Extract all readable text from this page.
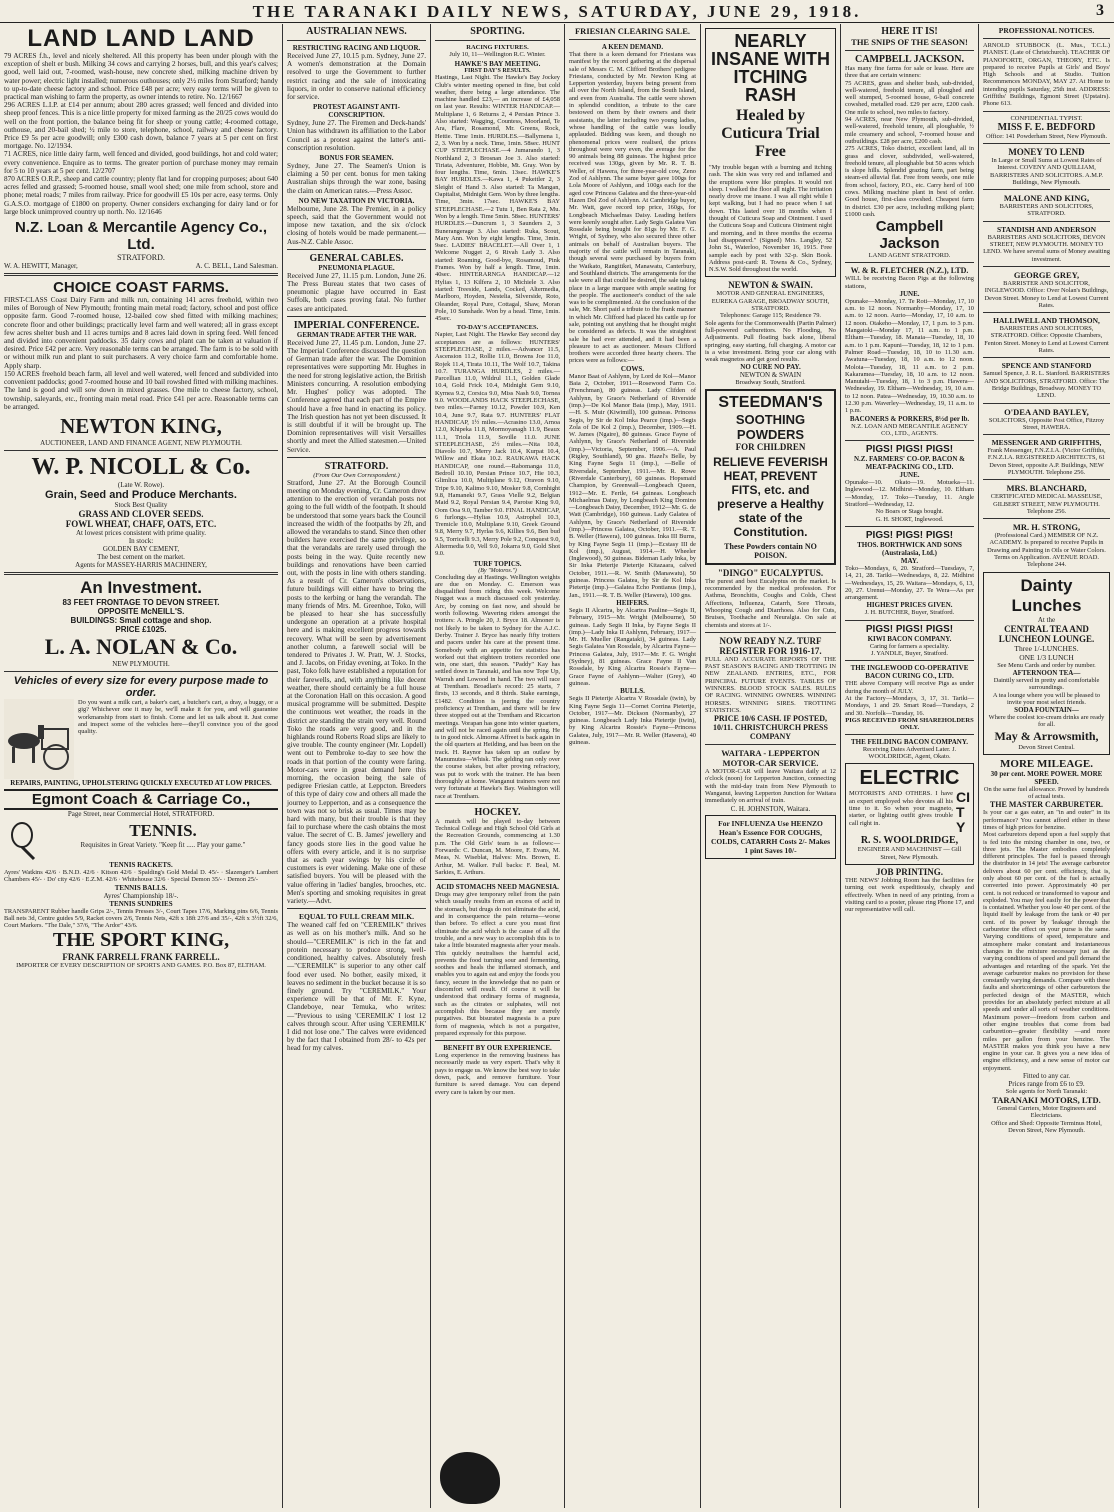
THE TARANAKI DAILY NEWS, SATURDAY, JUNE 29, 1918.	3
LAND LAND LAND
79 ACRES f.h., level and nicely sheltered. All this property has been under plough with the exception of shelt er bush. Milking 34 cows and carrying 2 horses, bull, and this year's calves; good, well laid out, 7-roomed, wash-house, new concrete shed, milking machine driven by water power; electric light installed; numerous outhouses; only 2½ miles from Stratford; handy to up-to-date cheese factory and school. Price £48 per acre; very easy terms will be given to practical man wishing to farm the property, as owner intends to retire. No. 12/1667
296 ACRES L.I.P. at £14 per annum; about 280 acres grassed; well fenced and divided into sheep proof fences. This is a nice little property for mixed farming as the 20/25 cows would do well on the front portion, the balance being fit for sheep or young cattle; 4-roomed cottage, outhouse, and 20-bail shed; ½ mile to store, telephone, school, railway and cheese factory. Price £9 5s per acre goodwill; only £300 cash down, balance 7 years at 5 per cent on first mortgage. No. 12/1934.
71 ACRES, nice little dairy farm, well fenced and divided, good buildings, hot and cold water; every convenience. Enquire as to terms. The greater portion of purchase money may remain for 5 to 10 years at 5 per cent. 12/2707
870 ACRES O.R.P., sheep and cattle country; plenty flat land for cropping purposes; about 640 acres felled and grassed; 5-roomed house, small wool shed; one mile from school, store and phone; metal roads; 7 miles from railway. Price for goodwill £5 10s per acre, easy terms. Only G.A.S.O. mortgage of £1800 on property. Owner considers exchanging for dairy land or for large block unimproved country up north. No. 12/1646
N.Z. Loan & Mercantile Agency Co., Ltd.
STRATFORD.
W. A. HEWITT, Manager,	A. C. BELL, Land Salesman.
CHOICE COAST FARMS.
FIRST-CLASS Coast Dairy Farm and milk run, containing 141 acres freehold, within two miles of Borough of New Plymouth; fronting main metal road; factory, school and post office opposite farm. Good 7-roomed house, 12-bailed cow shed fitted with milking machines; concrete floor and other buildings; practically level farm and well watered; all in grass except few acres shelter bush and 11 acres turnips and 8 acres laid down in spring feed. Well fenced and divided into convenient paddocks. 35 dairy cows and plant can be taken at valuation if desired. Price £42 per acre. Very reasonable terms can be arranged. The farm is to be sold with or without milk run and plant to suit purchasers. A very choice farm and comfortable home. Apply sharp.
150 ACRES freehold beach farm, all level and well watered, well fenced and subdivided into convenient paddocks; good 7-roomed house and 10 bail rowshed fitted with milking machines. The land is good and will sow down in mixed grasses. One mile to cheese factory, school, township, saleyards, etc., fronting main metal road. Price £41 per acre. Reasonable terms can be arranged.
NEWTON KING,
AUCTIONEER, LAND AND FINANCE AGENT, NEW PLYMOUTH.
W. P. NICOLL & Co.
(Late W. Rowe).
Grain, Seed and Produce Merchants.
Stock Best Quality
GRASS AND CLOVER SEEDS.
FOWL WHEAT, CHAFF, OATS, ETC.
At lowest prices consistent with prime quality.
In stock:
GOLDEN BAY CEMENT,
The best cement on the market.
Agents for MASSEY-HARRIS MACHINERY,
An Investment.
83 FEET FRONTAGE TO DEVON STREET.
OPPOSITE McNEILL'S.
BUILDINGS: Small cottage and shop.
PRICE £1025.
L. A. NOLAN & Co.
NEW PLYMOUTH.
Vehicles of every size for every purpose made to order.
Do you want a milk cart, a baker's cart, a butcher's cart, a dray, a buggy, or a gig? Whichever one it may be, we'll make it for you, and will guarantee workmanship from start to finish. Come and let us talk about it. Just come and inspect some of the vehicles here—they'll convince you of the good quality.
REPAIRS, PAINTING, UPHOLSTERING QUICKLY EXECUTED AT LOW PRICES.
Egmont Coach & Carriage Co.,
Page Street, near Commercial Hotel, STRATFORD.
TENNIS.
Requisites in Great Variety. "Keep fit ..... Play your game."
TENNIS RACKETS.
Ayres' Watkins 42/6 · B.N.D. 42/6 · Kitson 42/6 · Spalding's Gold Medal D. 45/- · Slazenger's Lambert Chambers 45/- · Do' city 42/6 · E.Z.M. 42/6 · Whitehouse 32/6 · Special Demon 35/- · Demon 25/-
TENNIS BALLS.
Ayres' Championship 18/-.
TENNIS SUNDRIES
TRANSPARENT Rubber handle Grips 2/-, Tennis Presses 3/-, Court Tapes 17/6, Marking pins 6/6, Tennis Ball nets 3d, Centre guides 5/9, Racket covers 2/6, Tennis Nets, 42ft x 18ft 27/6 and 35/-, 42ft x 3½ft 32/6, Court Markers. "The Dale," 37/6, "The Ardor" 43/6.
THE SPORT KING,
FRANK FARRELL FRANK FARRELL.
IMPORTER OF EVERY DESCRIPTION OF SPORTS AND GAMES. P.O. Box 87, ELTHAM.
AUSTRALIAN NEWS.
RESTRICTING RACING AND LIQUOR.
Received June 27, 10.15 p.m. Sydney, June 27. A women's demonstration at the Domain resolved to urge the Government to further restrict racing and the sale of intoxicating liquors, in order to conserve national efficiency for service.
PROTEST AGAINST ANTI-CONSCRIPTION.
Sydney, June 27. The Firemen and Deck-hands' Union has withdrawn its affiliation to the Labor Council as a protest against the latter's anti-conscription resolution.
BONUS FOR SEAMEN.
Sydney, June 27. The Seamen's Union is claiming a 50 per cent. bonus for men taking Australian ships through the war zone, basing the claim on American rates.—Press Assoc.
NO NEW TAXATION IN VICTORIA.
Melbourne, June 28. The Premier, in a policy speech, said that the Government would not impose new taxation, and the six o'clock closing of hotels would be made permanent.—Aus-N.Z. Cable Assoc.
GENERAL CABLES.
PNEUMONIA PLAGUE.
Received June 27, 11.15 p.m. London, June 26. The Press Bureau states that two cases of pneumonic plague have occurred in East Suffolk, both cases proving fatal. No further cases are anticipated.
IMPERIAL CONFERENCE.
GERMAN TRADE AFTER THE WAR.
Received June 27, 11.45 p.m. London, June 27. The Imperial Conference discussed the question of German trade after the war. The Dominion representatives were supporting Mr. Hughes in the need for strong legislative action, the British Ministers concurring. A resolution embodying Mr. Hughes' policy was adopted. The Conference agreed that each part of the Empire should have a free hand in enacting its policy. The Irish question has not yet been discussed. It is still doubtful if it will be brought up. The Dominion representatives will visit Versailles shortly and meet the Allied statesmen.—United Service.
STRATFORD.
(From Our Own Correspondent.)
Stratford, June 27. At the Borough Council meeting on Monday evening, Cr. Cameron drew attention to the erection of verandah posts not going to the full width of the footpath. It should be understood that some years back the Council increased the width of the footpaths by 2ft, and allowed the verandahs to stand. Since then other builders have exercised the same privilege, so that the verandahs are rarely used through the posts being in the way. Quite recently new buildings and renovations have been carried out, with the posts in line with others standing. As a result of Cr. Cameron's observations, future buildings will either have to bring the posts to the kerbing or hang the verandah. The many friends of Mrs. M. Greenhoe, Toko, will be pleased to hear she has successfully undergone an operation at a private hospital here and is making excellent progress towards recovery. What will be seen by advertisement another column, a farewell social will be tendered to Privates J. W. Pratt, W. J. Stocks, and J. Jacobs, on Friday evening, at Toko. In the past, Toko folk have established a reputation for their farewells, and, with anything like decent weather, there should certainly be a full house at the Coronation Hall on this occasion. A good musical programme will be submitted. Despite the continuous wet weather, the roads in the district are standing the strain very well. Round Toko the roads are very good, and in the highlands round Roberts Road slips are likely to give trouble. The county engineer (Mr. Lopdell) went out to Pembroke to-day to see how the roads in that portion of the county were faring. Motor-cars were in great demand here this morning, the occasion being the sale of pedigree Friesian cattle, at Leppcton. Breeders of this type of dairy cow and others all made the journey to Lepperton, and as a consequence the town was not so brisk as usual. Times may be hard with many, but their trouble is that they fail to purchase where the cash obtains the most value. The secret of C. B. James' jewellery and fancy goods store lies in the good value he offers with every article, and it is no surprise that as each year swings by his circle of customers is ever widening. Make one of these satisfied buyers. You will be pleased with the value offering in 'ladies' bangles, brooches, etc. Men's sporting and smoking requisites in great variety.—Advt.
EQUAL TO FULL CREAM MILK.
The weaned calf fed on "CEREMILK" thrives as well as on his mother's milk. And so he should—"CEREMILK" is rich in the fat and protein necessary to produce strong, well-conditioned, healthy calves. Absolutely fresh—"CEREMILK" is superior to any other calf food ever used. No bother, easily mixed, it leaves no sediment in the bucket because it is so finely ground. Try "CEREMILK." Your experience will be that of Mr. F. Kyne, Clandeboye, near Temuka, who writes:—"Previous to using 'CEREMILK' I lost 12 calves through scour. After using 'CEREMILK' I did not lose one." The calves were evidenced by the fact that I obtained from 28/- to 42s per head for my calves.
SPORTING.
RACING FIXTURES.
July 10, 11—Wellington R.C. Winter.
HAWKE'S BAY MEETING.
FIRST DAY'S RESULTS.
Hastings, Last Night. The Hawke's Bay Jockey Club's winter meeting opened in fine, but cold weather, there being a large attendance. The machine handled £23,— an increase of £4,058 on last year. Results: WINTER HANDICAP.—Multiplane 1, 6 Returns 2, 4 Persian Prince 3. Also started: Wagging, Countess, Moorland, Te Ara, Flare, Rosamond, Mr. Greens, Rock, Hettie. Time 1min. HURDLES.—Ballymena 1, 2, 3. Won by a neck. Time, 1min. 58sec. HUNT CUP STEEPLECHASE.—4 Jumarando 1, 3 Northland 2, 3 Brosnan Joe 3. Also started: Tiriata, Adventurer, Hobbie, Mt. Gray. Won by four lengths. Time, 6min. 13sec. HAWKE'S BAY HURDLES.—Kawa 1, 4 Pukeitler 2, 3 Sleight of Hand 3. Also started: Ta Mangan, Oapitalist, Midnight Gem. Won by three lengths. Time, 3min. 17sec. HAWKE'S BAY STEEPLECHASE.—2 Tutu 1, Ben Rata 2, Mu. Won by a length. Time 5min. 58sec. HUNTERS' HURDLES.—Duncrum 1, 3 Saunders 2, 3 Bunerangerage 3. Also started: Ruka, Scout, Mary Ann. Won by eight lengths. Time, 3min. 9sec. LADIES' BRACELET.—All Over 1, 1 Welcome Nugget 2, 6 Rivah Lady 3. Also started: Roaming, Good-bye, Rosamoud, Pink Frames. Won by half a length. Time, 1min. 40sec. HINTERARNGA HANDICAP.—12 Hylias 1, 13 Kilfera 2, 10 Michiele 3. Also started: Treeside, Lands, Cocked, Altermedia, Marlboro, Hoyden, Nestelia, Silverside, Roto, Oleander, Royal Pure, Cottagal, Shaw, Moran Pole, 10 Sunshade. Won by a head. Time, 1min. 45sec.
TO-DAY'S ACCEPTANCES.
Napier, Last Night. The Hawke Bay second day acceptances are as follows: HUNTERS' STEEPLECHASE, 2 miles.—Advancer 11.5, Ascension 11.2, Rollie 11.0, Browns Joe 11.0, Rojek 11.4, Tirata 10.11, The Wolf 10.7, Takina 10.7. TURANGA HURDLES, 2 miles.—Parcellian 11.0, Wildrul 11.1, Golden Glade 10.4, Gold Frick 10.4, Midnight Gem 9.10, Kyrnea 9.2, Corsica 9.0, Miss Nash 9.0, Tornea 9.0. WOODLANDS HACK STEEPLECHASE, two miles.—Farney 10.12, Powder 10.9, Ken 10.4, June 9.7, Rata 9.7. HUNTERS' FLAT HANDICAP, 1½ miles.—Acrasino 13.0, Arnoa 12.0, Khipeka 11.8, Mormoyanagh 11.9, Beaux 11.1, Triola 11.9, Soville 11.0. JUNE STEEPLECHASE, 2½ miles.—Nita 10.8, Diavolo 10.7, Merry Jack 10.4, Kurpat 10.4, Willow and Ekata 10.2. RAUKAWA HACK HANDICAP, one round.—Rabomanga 11.0, Bedroll 10.10, Persian Prince 10.7, Hie 10.3, Glimlica 10.0, Multiplane 9.12, Oravon 9.10, Tripe 9.10, Kalimo 9.10, Mosker 9.8, Cornhight 9.8, Hamaneki 9.7, Grass Vielle 9.2, Belgian Maid 9.2, Royal Persian 9.4, Paroise King 9.0, Oom Ooa 9.0, Tamber 9.0. FINAL HANDICAP, 6 furlongs.—Hylias 10.9, Astrophel 10.3, Tremicle 10.0, Multiplane 9.10, Greek Ground 9.8, Merry 9.7, Hyrlas 9.6, Killies 9.6, Ben bud 9.5, Torricelli 9.3, Merry Pole 9.2, Conquest 9.0, Altermedia 9.0, Vell 9.0, Jokarra 9.0, Gold Shot 9.0.
TURF TOPICS.
(By "Motoros.")
Concluding day at Hastings. Wellington weights are due on Monday. C. Emerson was disqualified from riding this week. Welcome Nugget was a much discussed colt yesterday. Arc, by coming on fast now, and should be worth following. Wavering riders amongst the trotters: A. Pringle 20, J. Bryce 18. Almoner is not likely to be taken to Sydney for the A.J.C. Derby. Trainer J. Bryce has nearly fifty trotters and pacers under his care at the present time. Somebody with an appetite for statistics has worked out that eighteen trotters recorded one win, one start, this season. "Paddy" Kay has settled down in Taranaki, and has now Tope Up, Warrah and Lowood in hand. The two will race at Trentham. Broadlan's record: 25 starts, 7 firsts, 13 seconds, and 8 thirds. Stake earnings, £1482. Condition is jeering the country proficiency at Trentham, and there will be few three stopped out at the Trentham and Riccarton meetings. Vorapan has gone into winter quarters, and will not be raced again until the spring. He is in good nick. Almorna Affreet is back again in the old quarters at Heilding, and has been on the track. H. Raynor has taken up an outlaw by Manumutsu—Whisk. The gelding ran only over the course stakes, but after proving refractory, was put to work with the trainer. He has been thoroughly at home. Wanganui trainers were not very fortunate at Hawke's Bay. Washington will race at Trentham.
HOCKEY.
A match will be played to-day between Technical College and High School Old Girls at the Recreation Grounds, commencing at 1.30 p.m. The Old Girls' team is as follows:—Forwards: C. Duncan, M. Moore, F. Evans, M. Meas, N. Wiseblat, Halves: Mrs. Brown, E. Arthur, M. Walker. Full backs: F. Beal, M. Sarkies, E. Arthurs.
ACID STOMACHS NEED MAGNESIA.
Drugs may give temporary relief from the pain which usually results from an excess of acid in the stomach, but drugs do not eliminate the acid, and in consequence the pain returns—worse than before. To effect a cure you must first eliminate the acid which is the cause of all the trouble, and a new way to accomplish this is to take a little bisurated magnesia after your meals. This quickly neutralises the harmful acid, prevents the food turning sour and fermenting, soothes and heals the inflamed stomach, and enables you to again eat and enjoy the foods you fancy, secure in the knowledge that no pain or discomfort will result. Of course it will be understood that ordinary forms of magnesia, such as the citrates or sulphates, will not accomplish this because they are merely purgatives. But bisurated magnesia is a pure form of magnesia, which is not a purgative, prepared expressly for this purpose.
BENEFIT BY OUR EXPERIENCE.
Long experience in the removing business has necessarily made us very expert. That's why it pays to engage us. We know the best way to take down, pack, and remove furniture. Your furniture is saved damage. You can depend every care is taken by our men.
FRIESIAN CLEARING SALE.
A KEEN DEMAND.
That there is a keen demand for Friesians was manifest by the record gathering at the dispersal sale of Messrs C. M. Clifford Brothers' pedigree Friesians, conducted by Mr. Newton King at Lepperton yesterday, buyers being present from all over the North Island, from the South Island, and even from Australia. The cattle were shown in splendid condition, a tribute to the care bestowed on them by their owners and their assistants, the latter including two young ladies, whose handling of the cattle was loudly applauded. Bidding was keen, and though no phenomenal prices were realised, the prices throughout were very even, the average for the 90 animals being 88 guineas. The highest price received was 130gs, given by Mr. R. T. B. Weller, of Hawera, for three-year-old cow, Zeno Zod of Ashlynn. The same buyer gave 100gs for Lola Moore of Ashlynn, and 100gs each for the aged cow Princess Galatea and the three-year-old Hazen Dol Zod of Ashlynn. At Cambridge buyer, Mr. Watt, gave record top price, 160gs, for Longbeach Michaelmas Daisy. Leading heifers were keenly sought after. Lady Segis Galatea Van Rossdale being bought for 81gs by Mr. F. G. Wright, of Sydney, who also secured three other animals on behalf of Australian buyers. The majority of the cattle will remain in Taranaki, though several were purchased by buyers from the Waikato, Rangitikei, Manawatu, Canterbury, and Southland districts. The arrangements for the sale were all that could be desired, the sale taking place in a large marquee with ample seating for the people. The auctioneer's conduct of the sale was to be complimented. At the conclusion of the sale, Mr. Short paid a tribute to the frank manner in which Mr. Clifford had placed his cattle up for sale, pointing out anything that he thought might be considered as defects. It was the straightest sale he had ever attended, and it had been a pleasure to act as auctioneer. Messrs Clifford brothers were accorded three hearty cheers. The prices were as follows:—
COWS.
Manor Baat of Ashlynn, by Lord de Kol—Manor Baia 2, October, 1911—Rosewood Farm Co. (Frenchman), 80 guineas. Lady Clifden of Ashlynn, by Grace's Netherland of Riverside (imp.)—De Kol Manor Baia (imp.), May, 1911.—H. S. Muir (Kiwimill), 100 guineas. Princess Segis, by Sir de Kol Inka Pearce (imp.)—Segis Zola of De Kol 2 (imp.), December, 1909.—H. W. James (Ngaire), 80 guineas. Grace Fayne of Ashlynn, by Grace's Netherland of Riverside (imp.)—Victoria, September, 1906.—A. Paul (Rigley, Southland), 90 gns. Hazel's Belle, by King Fayne Segis 11 (imp.), —Belle of Riversdale, September, 1911.—Mr. R. Rowe (Riverdale Canterbury), 60 guineas. Hopsmaid Champion, by Greenwall—Longbeach Queen, 1912—Mr. E. Fertle, 64 guineas. Longbeach Michaelmas Daisy, by Longbeach King Domino—Longbeach Daisy, December, 1912—Mr. G. de Watt (Cambridge), 160 guineas. Lady Galatea of Ashlynn, by Grace's Netherland of Riverside (imp.)—Princess Galatea, October, 1911.—R. T. B. Weller (Hawera), 100 guineas. Inka III Burns, by King Fayne Segis 11 (imp.)—Ecstasy III de Kol (imp.), August, 1914.—H. Wheeler (Inglewood), 50 guineas. Bideman Lady Inka, by Sir Inka Pietertje Pietertje Kitazaara, calved October, 1911.—R. W. Smith (Manawatu), 50 guineas. Princess Galatea, by Sir de Kol Inka Pietertje (imp.)—Galatea Echo Pontianus (imp.), Jan., 1911.—R. T. B. Weller (Hawera), 100 gns.
HEIFERS.
Segis II Alcartra, by Alcartra Pauline—Segis II, February, 1915—Mr. Wright (Melbourne), 50 guineas. Lady Segis II Inka, by Fayne Segis II (imp.)—Lady Inka II Ashlynn, February, 1917—Mr. H. Mueller (Rangataki), 34 guineas. Lady Segis Galatea Van Rossdale, by Alcartra Fayne—Princess Galatea, July, 1917—Mr. F. G. Wright (Sydney), 81 guineas. Grace Fayne II Van Rossdale, by King Alcartra Rossie's Fayne—Grace Fayne of Ashlynn—Walter (Grey), 40 guineas.
BULLS.
Segis II Pietertje Alcartra V Rossdale (twin), by King Fayne Segis 11—Cornet Corrina Pietertje, October, 1917—Mr. Dickson (Normanby), 27 guineas. Longbeach Lady Inka Pietertje (twin), by King Alcartra Rossie's Fayne—Princess Galatea, July, 1917—Mr. R. Weller (Hawera), 40 guineas.
NEARLY INSANE WITH ITCHING RASH
Healed by Cuticura Trial Free
"My trouble began with a burning and itching rash. The skin was very red and inflamed and the eruptions were like pimples. It would not sleep. I walked the floor all night. The irritation nearly drove me insane. I was all right while I kept walking, but I had no peace when I sat down. This lasted over 18 months when I thought of Cuticura Soap and Ointment. I used the Cuticura Soap and Cuticura Ointment night and morning, and in three months the eczema had disappeared." (Signed) Mrs. Langley, 52 John St., Waterloo, November 16, 1915. Free sample each by post with 32-p. Skin Book. Address post-card: R. Towns & Co., Sydney, N.S.W. Sold throughout the world.
NEWTON & SWAIN.
MOTOR AND GENERAL ENGINEERS, EUREKA GARAGE, BROADWAY SOUTH, STRATFORD.
Telephones: Garage 115; Residence 79.
Sole agents for the Commonwealth (Partin Palmer) full-powered carburettors. No Flooding, No Adjustments. Pull floating back alone, liberal springing, easy starting, full charging. A motor car is a wise investment. Bring your car along with weak magnetos and get good results.
NO CURE NO PAY.
NEWTON & SWAIN
Broadway South, Stratford.
STEEDMAN'S
SOOTHING POWDERS
FOR CHILDREN
RELIEVE FEVERISH HEAT, PREVENT FITS, etc. and preserve a Healthy state of the Constitution.
These Powders contain NO POISON.
"DINGO" EUCALYPTUS.
The purest and best Eucalyptus on the market. Is recommended by the medical profession. For Asthma, Bronchitis, Coughs and Colds, Chest Affections, Influenza, Catarrh, Sore Throats, Whooping Cough and Diarrhoea. Also for Cuts, Bruises, Toothache and Neuralgia. On sale at chemists and stores at 1/-.
NOW READY N.Z. TURF REGISTER FOR 1916-17.
FULL AND ACCURATE REPORTS OF THE PAST SEASON'S RACING AND TROTTING IN NEW ZEALAND. ENTRIES, ETC., FOR PRINCIPAL FUTURE EVENTS. TABLES OF WINNERS. BLOOD STOCK SALES. RULES OF RACING. WINNING OWNERS. WINNING HORSES. WINNING SIRES. TROTTING STATISTICS.
PRICE 10/6 CASH. IF POSTED, 10/11. CHRISTCHURCH PRESS COMPANY
WAITARA - LEPPERTON MOTOR-CAR SERVICE.
A MOTOR-CAR will leave Waitara daily at 12 o'clock (noon) for Lepperton Junction, connecting with the mid-day train from New Plymouth to Wanganui, leaving Lepperton Junction for Waitara immediately on arrival of train.
C. H. JOHNSTON, Waitara.
For INFLUENZA Use HEENZO Hean's Essence FOR COUGHS, COLDS, CATARRH Costs 2/- Makes 1 pint Saves 10/-
HERE IT IS!
THE SNIPS OF THE SEASON!
CAMPBELL JACKSON.
Has many fine farms for sale or lease. Here are three that are certain winners:
75 ACRES, grass and shelter bush, sub-divided, well-watered, freehold tenure, all ploughed and well stumped, 5-roomed house, 6-bail concrete cowshed, metalled road. £29 per acre, £200 cash. One mile to school, two miles to factory.
94 ACRES, near New Plymouth, sub-divided, well-watered, freehold tenure, all ploughable, ½ mile creamery and school, 7-roomed house and outbuildings. £28 per acre, £200 cash.
275 ACRES, Toko district, excellent land, all in grass and clover, subdivided, well-watered, freehold tenure, all ploughable but 50 acres which is slope hills. Splendid grazing farm, part being steam-ed alluvial flat. Free from weeds, one mile from school, factory, P.O., etc. Carry herd of 100 cows. Milking machine plant in best of order. Good house, first-class cowshed. Cheapest farm in district. £30 per acre, including milking plant; £1000 cash.
Campbell Jackson
LAND AGENT STRATFORD.
W. & R. FLETCHER (N.Z.), LTD.
WILL be receiving Bacon Pigs at the following stations,
JUNE.
Opunake—Monday, 17. Te Roti—Monday, 17, 10 a.m. to 12 noon. Normanby—Monday, 17, 10 a.m. to 12 noon. Aurio—Monday, 17, 10 a.m. to 12 noon. Otakeho—Monday, 17, 1 p.m. to 3 p.m. Mangatoki—Monday 17, 11 a.m. to 1 p.m. Eltham—Tuesday, 18. Manaia—Tuesday, 18, 10 a.m. to 1 p.m. Kapuni—Tuesday, 18, 12 to 1 p.m. Palmer Road—Tuesday, 18, 10 to 11.30 a.m. Awatuna—Tuesday, 18, 10 a.m. to 12 noon. Moloia—Tuesday, 18, 11 a.m. to 2 p.m. Kakaramea—Tuesday, 18, 10 a.m. to 12 noon. Manutahi—Tuesday, 18, 1 to 3 p.m. Hawera—Wednesday, 19. Eltham—Wednesday, 19, 10 a.m. to 12 noon. Patea—Wednesday, 19, 10.30 a.m. to 12.30 p.m. Waverley—Wednesday, 19, 11 a.m. to 1 p.m.
BACONERS & PORKERS, 8½d per lb.
N.Z. LOAN AND MERCANTILE AGENCY CO., LTD., AGENTS.
PIGS! PIGS! PIGS!
N.Z. FARMERS' CO-OP. BACON & MEAT-PACKING CO., LTD.
JUNE.
Opunake—10. Okato—19. Motueka—11. Inglewood—12. Midhirst—Monday, 10. Eltham—Monday, 17. Toko—Tuesday, 11. Angle Stratford—Wednesday, 12.
No Boars or Stags bought.
G. H. SHORT, Inglewood.
PIGS! PIGS! PIGS!
THOS. BORTHWICK AND SONS (Australasia, Ltd.)
MAY.
Toko—Mondays, 6, 20. Stratford—Tuesdays, 7, 14, 21, 28. Tariki—Wednesdays, 8, 22. Midhirst—Wednesdays, 15, 29. Waitara—Mondays, 6, 13, 20, 27. Urenui—Monday, 27. Te Wera—As per arrangement.
HIGHEST PRICES GIVEN.
J. H. BUTCHER, Buyer, Stratford.
PIGS! PIGS! PIGS!
KIWI BACON COMPANY.
Caring for farmers a speciality.
J. YANDLE, Buyer, Stratford.
THE INGLEWOOD CO-OPERATIVE BACON CURING CO., LTD.
THE above Company will receive Pigs as under during the month of JULY.
At the Factory—Mondays, 3, 17, 31. Tariki—Mondays, 1 and 29. Smart Road—Tuesdays, 2 and 30. Norfolk—Tuesday, 16.
PIGS RECEIVED FROM SHAREHOLDERS ONLY.
THE FEILDING BACON COMPANY.
Receiving Dates Advertised Later. J. WOOLDRIDGE, Agent, Okato.
ELECTRIC
MOTORISTS AND OTHERS. I have an expert employed who devotes all his time to it. So when your magneto, starter, or lighting outfit gives trouble call right in.
CITY
R. S. WOOLDRIDGE,
ENGINEER AND MACHINIST — Gill Street, New Plymouth.
JOB PRINTING.
THE NEWS' Jobbing Room has the facilities for turning out work expeditiously, cheaply and effectively. When in need of any printing, from a visiting card to a poster, please ring Phone 17, and our representative will call.
PROFESSIONAL NOTICES.
ARNOLD STUBBOCK (L. Mus., T.C.L.) PIANIST. (Late of Christchurch). TEACHER OF PIANOFORTE, ORGAN, THEORY, ETC. Is prepared to receive Pupils at Girls' and Boys' High Schools and at Studio. Tuition Recommences MONDAY, MAY 27. At Home to intending pupils Saturday, 25th inst. ADDRESS: Griffiths' Buildings, Egmont Street (Upstairs). Phone 613.
CONFIDENTIAL TYPIST.
MISS F. E. BEDFORD
Office: 141 Powderham Street, New Plymouth.
MONEY TO LEND
In Large or Small Sums at Lowest Rates of Interest. COVENY AND QUILLIAM, BARRISTERS AND SOLICITORS. A.M.P. Buildings, New Plymouth.
MALONE AND KING,
BARRISTERS AND SOLICITORS, STRATFORD.
STANDISH AND ANDERSON
BARRISTERS AND SOLICITORS, DEVON STREET, NEW PLYMOUTH. MONEY TO LEND. We have several sums of Money awaiting investment.
GEORGE GREY,
BARRISTER AND SOLICITOR, INGLEWOOD. Office: Over Nolan's Buildings, Devon Street. Money to Lend at Lowest Current Rates.
HALLIWELL AND THOMSON,
BARRISTERS AND SOLICITORS, STRATFORD. Office: Opposite Chambers, Fenton Street. Money to Lend at Lowest Current Rates.
SPENCE AND STANFORD
Samuel Spence, J. R. L. Stanford. BARRISTERS AND SOLICITORS, STRATFORD. Office: The Bridge Buildings, Broadway. MONEY TO LEND.
O'DEA AND BAYLEY,
SOLICITORS, Opposite Post Office, Fitzroy Street, HAWERA.
MESSENGER AND GRIFFITHS,
Frank Messenger, F.N.Z.I.A. (Victor Griffiths, F.N.Z.I.A. REGISTERED ARCHITECTS, 61 Devon Street, opposite A.P. Buildings, NEW PLYMOUTH. Telephone 256.
MRS. BLANCHARD,
CERTIFICATED MEDICAL MASSEUSE, GILBERT STREET, NEW PLYMOUTH. Telephone 256.
MR. H. STRONG,
(Professional Card.) MEMBER OF N.Z. ACADEMY. Is prepared to receive Pupils in Drawing and Painting in Oils or Water Colors. Terms on Application. AVENUE ROAD. Telephone 244.
Dainty Lunches
At the
CENTRAL TEA AND LUNCHEON LOUNGE.
Three 1/-LUNCHES.
ONE 1/3 LUNCH
See Menu Cards and order by number.
AFTERNOON TEA—
Daintily served in pretty and comfortable surroundings.
A tea lounge where you will be pleased to invite your most select friends.
SODA FOUNTAIN—
Where the coolest ice-cream drinks are ready for all.
May & Arrowsmith,
Devon Street Central.
MORE MILEAGE.
30 per cent. MORE POWER. MORE SPEED.
On the same fuel allowance. Proved by hundreds of actual tests.
THE MASTER CARBURETER.
Is your car a gas eater, an "in and outer" in its performance? You cannot afford either in these times of high prices for benzine.
Most carburetors depend upon a fuel supply that is fed into the mixing chamber in one, two, or three jets. The Master embodies completely different principles. The fuel is passed through the distributor in 14 jets! The average carburetor delivers about 60 per cent. efficiency, that is, only about 60 per cent. of the fuel is actually converted into power. Approximately 40 per cent. is not reduced or transformed to vapour and exploded. You may feel easily for the power that is contained. Whether you lose 40 per cent. of the liquid itself by leakage from the tank or 40 per cent. of its power by 'leakage' through the carburetor the effect on your purse is the same. Varying conditions of speed, temperature and atmosphere make constant and instantaneous changes in the mixture necessary just as the varying conditions of speed and pull demand the advantages and retarding of the spark. Yet the average carburetor makes no provision for these constantly varying demands. Compare with these faults and shortcomings of other carburetors the perfected design of the MASTER, which provides for an absolutely perfect mixture at all speeds and under all sorts of weather conditions. Maximum power—freedom from carbon and other engine troubles that come from bad carburetion—greater flexibility —and more miles per gallon from your benzine. The MASTER makes you think you have a new engine in your car. It gives you a new idea of engine efficiency, and a new sense of motor car enjoyment.
Fitted to any car.
Prices range from £6 to £9.
Sole agents for North Taranaki:
TARANAKI MOTORS, LTD.
General Carriers, Motor Engineers and Electricians.
Office and Shed: Opposite Terminus Hotel, Devon Street, New Plymouth.
